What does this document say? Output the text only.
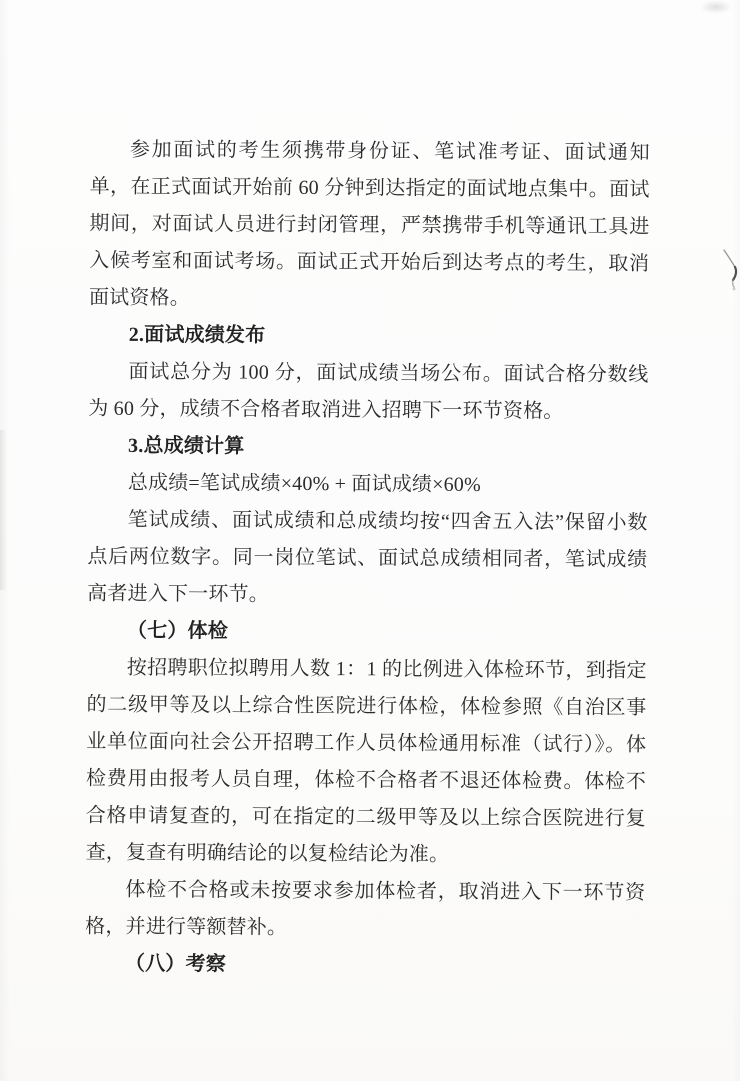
参加面试的考生须携带身份证、笔试准考证、面试通知单，在正式面试开始前 60 分钟到达指定的面试地点集中。面试期间，对面试人员进行封闭管理，严禁携带手机等通讯工具进入候考室和面试考场。面试正式开始后到达考点的考生，取消面试资格。

2.面试成绩发布

面试总分为 100 分，面试成绩当场公布。面试合格分数线为 60 分，成绩不合格者取消进入招聘下一环节资格。

3.总成绩计算

总成绩=笔试成绩×40% + 面试成绩×60%

笔试成绩、面试成绩和总成绩均按“四舍五入法”保留小数点后两位数字。同一岗位笔试、面试总成绩相同者，笔试成绩高者进入下一环节。

（七）体检

按招聘职位拟聘用人数 1：1 的比例进入体检环节，到指定的二级甲等及以上综合性医院进行体检，体检参照《自治区事业单位面向社会公开招聘工作人员体检通用标准（试行）》。体检费用由报考人员自理，体检不合格者不退还体检费。体检不合格申请复查的，可在指定的二级甲等及以上综合医院进行复查，复查有明确结论的以复检结论为准。

体检不合格或未按要求参加体检者，取消进入下一环节资格，并进行等额替补。

（八）考察
